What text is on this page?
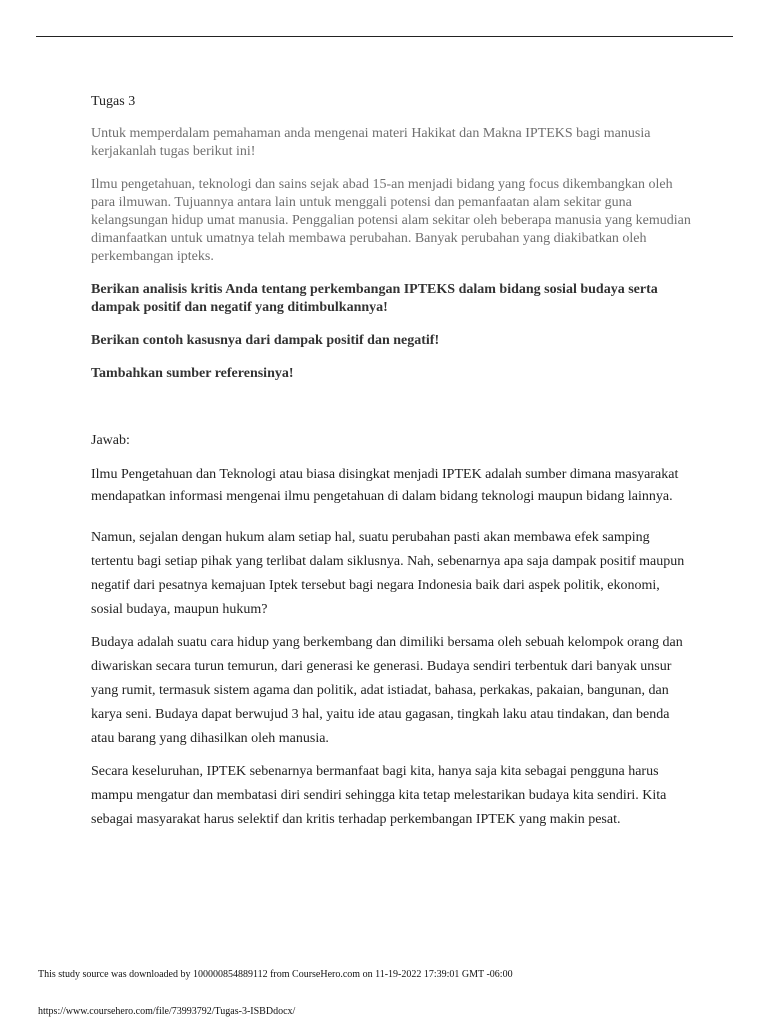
Tugas 3

Untuk memperdalam pemahaman anda mengenai materi Hakikat dan Makna IPTEKS bagi manusia kerjakanlah tugas berikut ini!

Ilmu pengetahuan, teknologi dan sains sejak abad 15-an menjadi bidang yang focus dikembangkan oleh para ilmuwan. Tujuannya antara lain untuk menggali potensi dan pemanfaatan alam sekitar guna kelangsungan hidup umat manusia. Penggalian potensi alam sekitar oleh beberapa manusia yang kemudian dimanfaatkan untuk umatnya telah membawa perubahan. Banyak perubahan yang diakibatkan oleh perkembangan ipteks.

Berikan analisis kritis Anda tentang perkembangan IPTEKS dalam bidang sosial budaya serta dampak positif dan negatif yang ditimbulkannya!

Berikan contoh kasusnya dari dampak positif dan negatif!

Tambahkan sumber referensinya!

Jawab:

Ilmu Pengetahuan dan Teknologi atau biasa disingkat menjadi IPTEK adalah sumber dimana masyarakat mendapatkan informasi mengenai ilmu pengetahuan di dalam bidang teknologi maupun bidang lainnya.

Namun, sejalan dengan hukum alam setiap hal, suatu perubahan pasti akan membawa efek samping tertentu bagi setiap pihak yang terlibat dalam siklusnya. Nah, sebenarnya apa saja dampak positif maupun negatif dari pesatnya kemajuan Iptek tersebut bagi negara Indonesia baik dari aspek politik, ekonomi, sosial budaya, maupun hukum?

Budaya adalah suatu cara hidup yang berkembang dan dimiliki bersama oleh sebuah kelompok orang dan diwariskan secara turun temurun, dari generasi ke generasi. Budaya sendiri terbentuk dari banyak unsur yang rumit, termasuk sistem agama dan politik, adat istiadat, bahasa, perkakas, pakaian, bangunan, dan karya seni. Budaya dapat berwujud 3 hal, yaitu ide atau gagasan, tingkah laku atau tindakan, dan benda atau barang yang dihasilkan oleh manusia.

Secara keseluruhan, IPTEK sebenarnya bermanfaat bagi kita, hanya saja kita sebagai pengguna harus mampu mengatur dan membatasi diri sendiri sehingga kita tetap melestarikan budaya kita sendiri. Kita sebagai masyarakat harus selektif dan kritis terhadap perkembangan IPTEK yang makin pesat.

This study source was downloaded by 100000854889112 from CourseHero.com on 11-19-2022 17:39:01 GMT -06:00
https://www.coursehero.com/file/73993792/Tugas-3-ISBDdocx/
